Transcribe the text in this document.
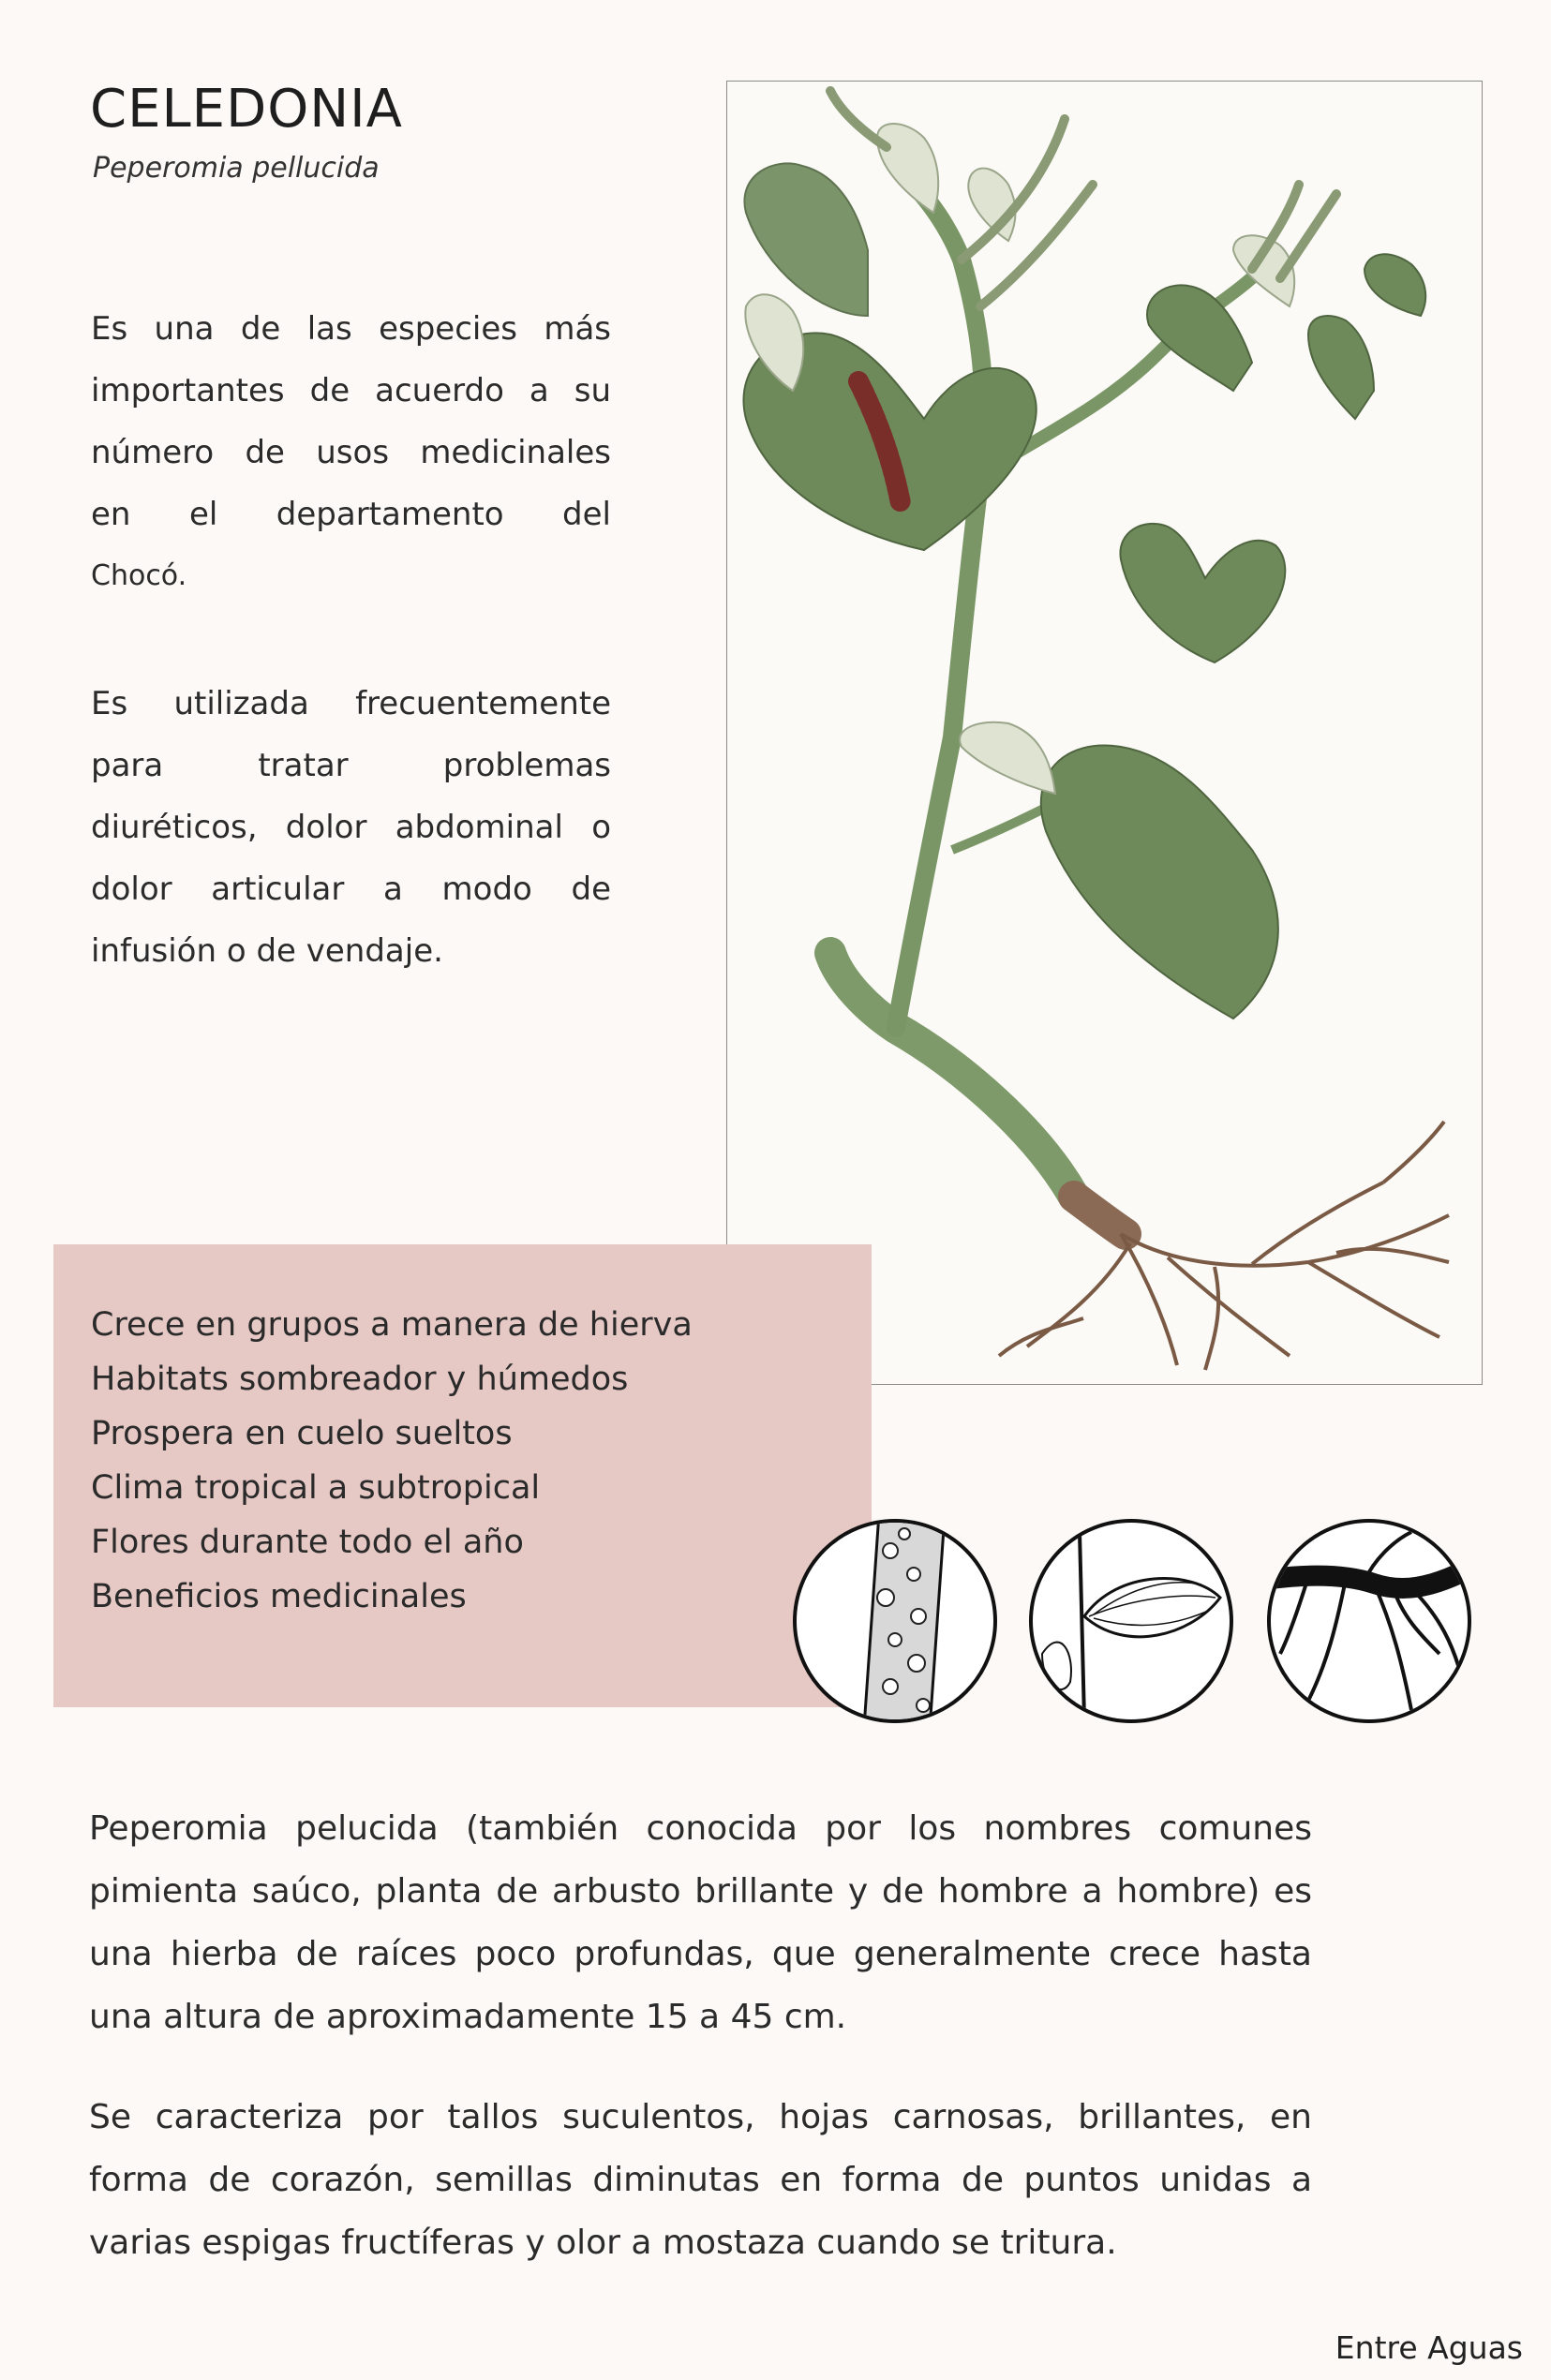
CELEDONIA
Peperomia pellucida
Es una de las especies más
importantes de acuerdo a su
número de usos medicinales
en el departamento del
Chocó.
Es utilizada frecuentemente
para tratar problemas
diuréticos, dolor abdominal o
dolor articular a modo de
infusión o de vendaje.
Crece en grupos a manera de hierva
Habitats sombreador y húmedos
Prospera en cuelo sueltos
Clima tropical a subtropical
Flores durante todo el año
Beneficios medicinales
Peperomia pelucida (también conocida por los nombres comunes
pimienta saúco, planta de arbusto brillante y de hombre a hombre) es
una hierba de raíces poco profundas, que generalmente crece hasta
una altura de aproximadamente 15 a 45 cm.
Se caracteriza por tallos suculentos, hojas carnosas, brillantes, en
forma de corazón, semillas diminutas en forma de puntos unidas a
varias espigas fructíferas y olor a mostaza cuando se tritura.
Entre Aguas
